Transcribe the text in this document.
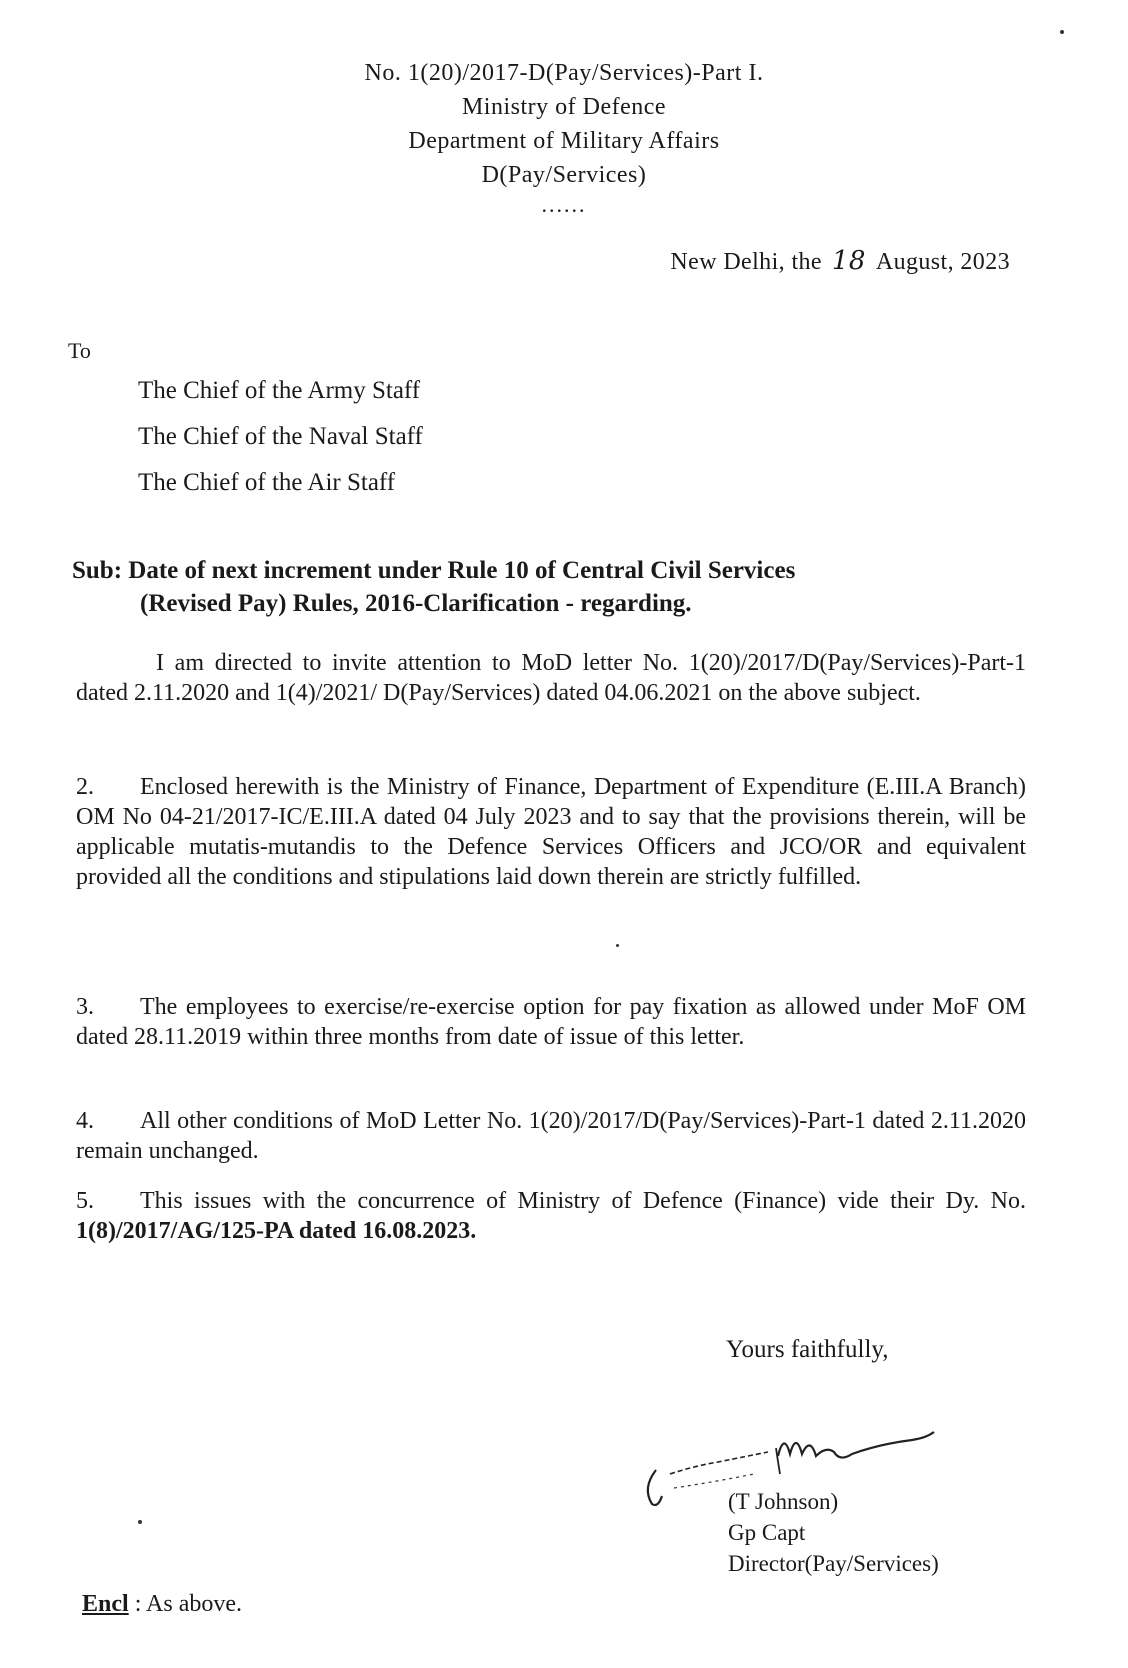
No. 1(20)/2017-D(Pay/Services)-Part I.
Ministry of Defence
Department of Military Affairs
D(Pay/Services)
......
New Delhi, the 18 August, 2023
To
The Chief of the Army Staff
The Chief of the Naval Staff
The Chief of the Air Staff
Sub: Date of next increment under Rule 10 of Central Civil Services
(Revised Pay) Rules, 2016-Clarification - regarding.
I am directed to invite attention to MoD letter No. 1(20)/2017/D(Pay/Services)-Part-1 dated 2.11.2020 and 1(4)/2021/ D(Pay/Services) dated 04.06.2021 on the above subject.
2. Enclosed herewith is the Ministry of Finance, Department of Expenditure (E.III.A Branch) OM No 04-21/2017-IC/E.III.A dated 04 July 2023 and to say that the provisions therein, will be applicable mutatis-mutandis to the Defence Services Officers and JCO/OR and equivalent provided all the conditions and stipulations laid down therein are strictly fulfilled.
3. The employees to exercise/re-exercise option for pay fixation as allowed under MoF OM dated 28.11.2019 within three months from date of issue of this letter.
4. All other conditions of MoD Letter No. 1(20)/2017/D(Pay/Services)-Part-1 dated 2.11.2020 remain unchanged.
5. This issues with the concurrence of Ministry of Defence (Finance) vide their Dy. No. 1(8)/2017/AG/125-PA dated 16.08.2023.
Yours faithfully,
(T Johnson)
Gp Capt
Director(Pay/Services)
Encl : As above.
